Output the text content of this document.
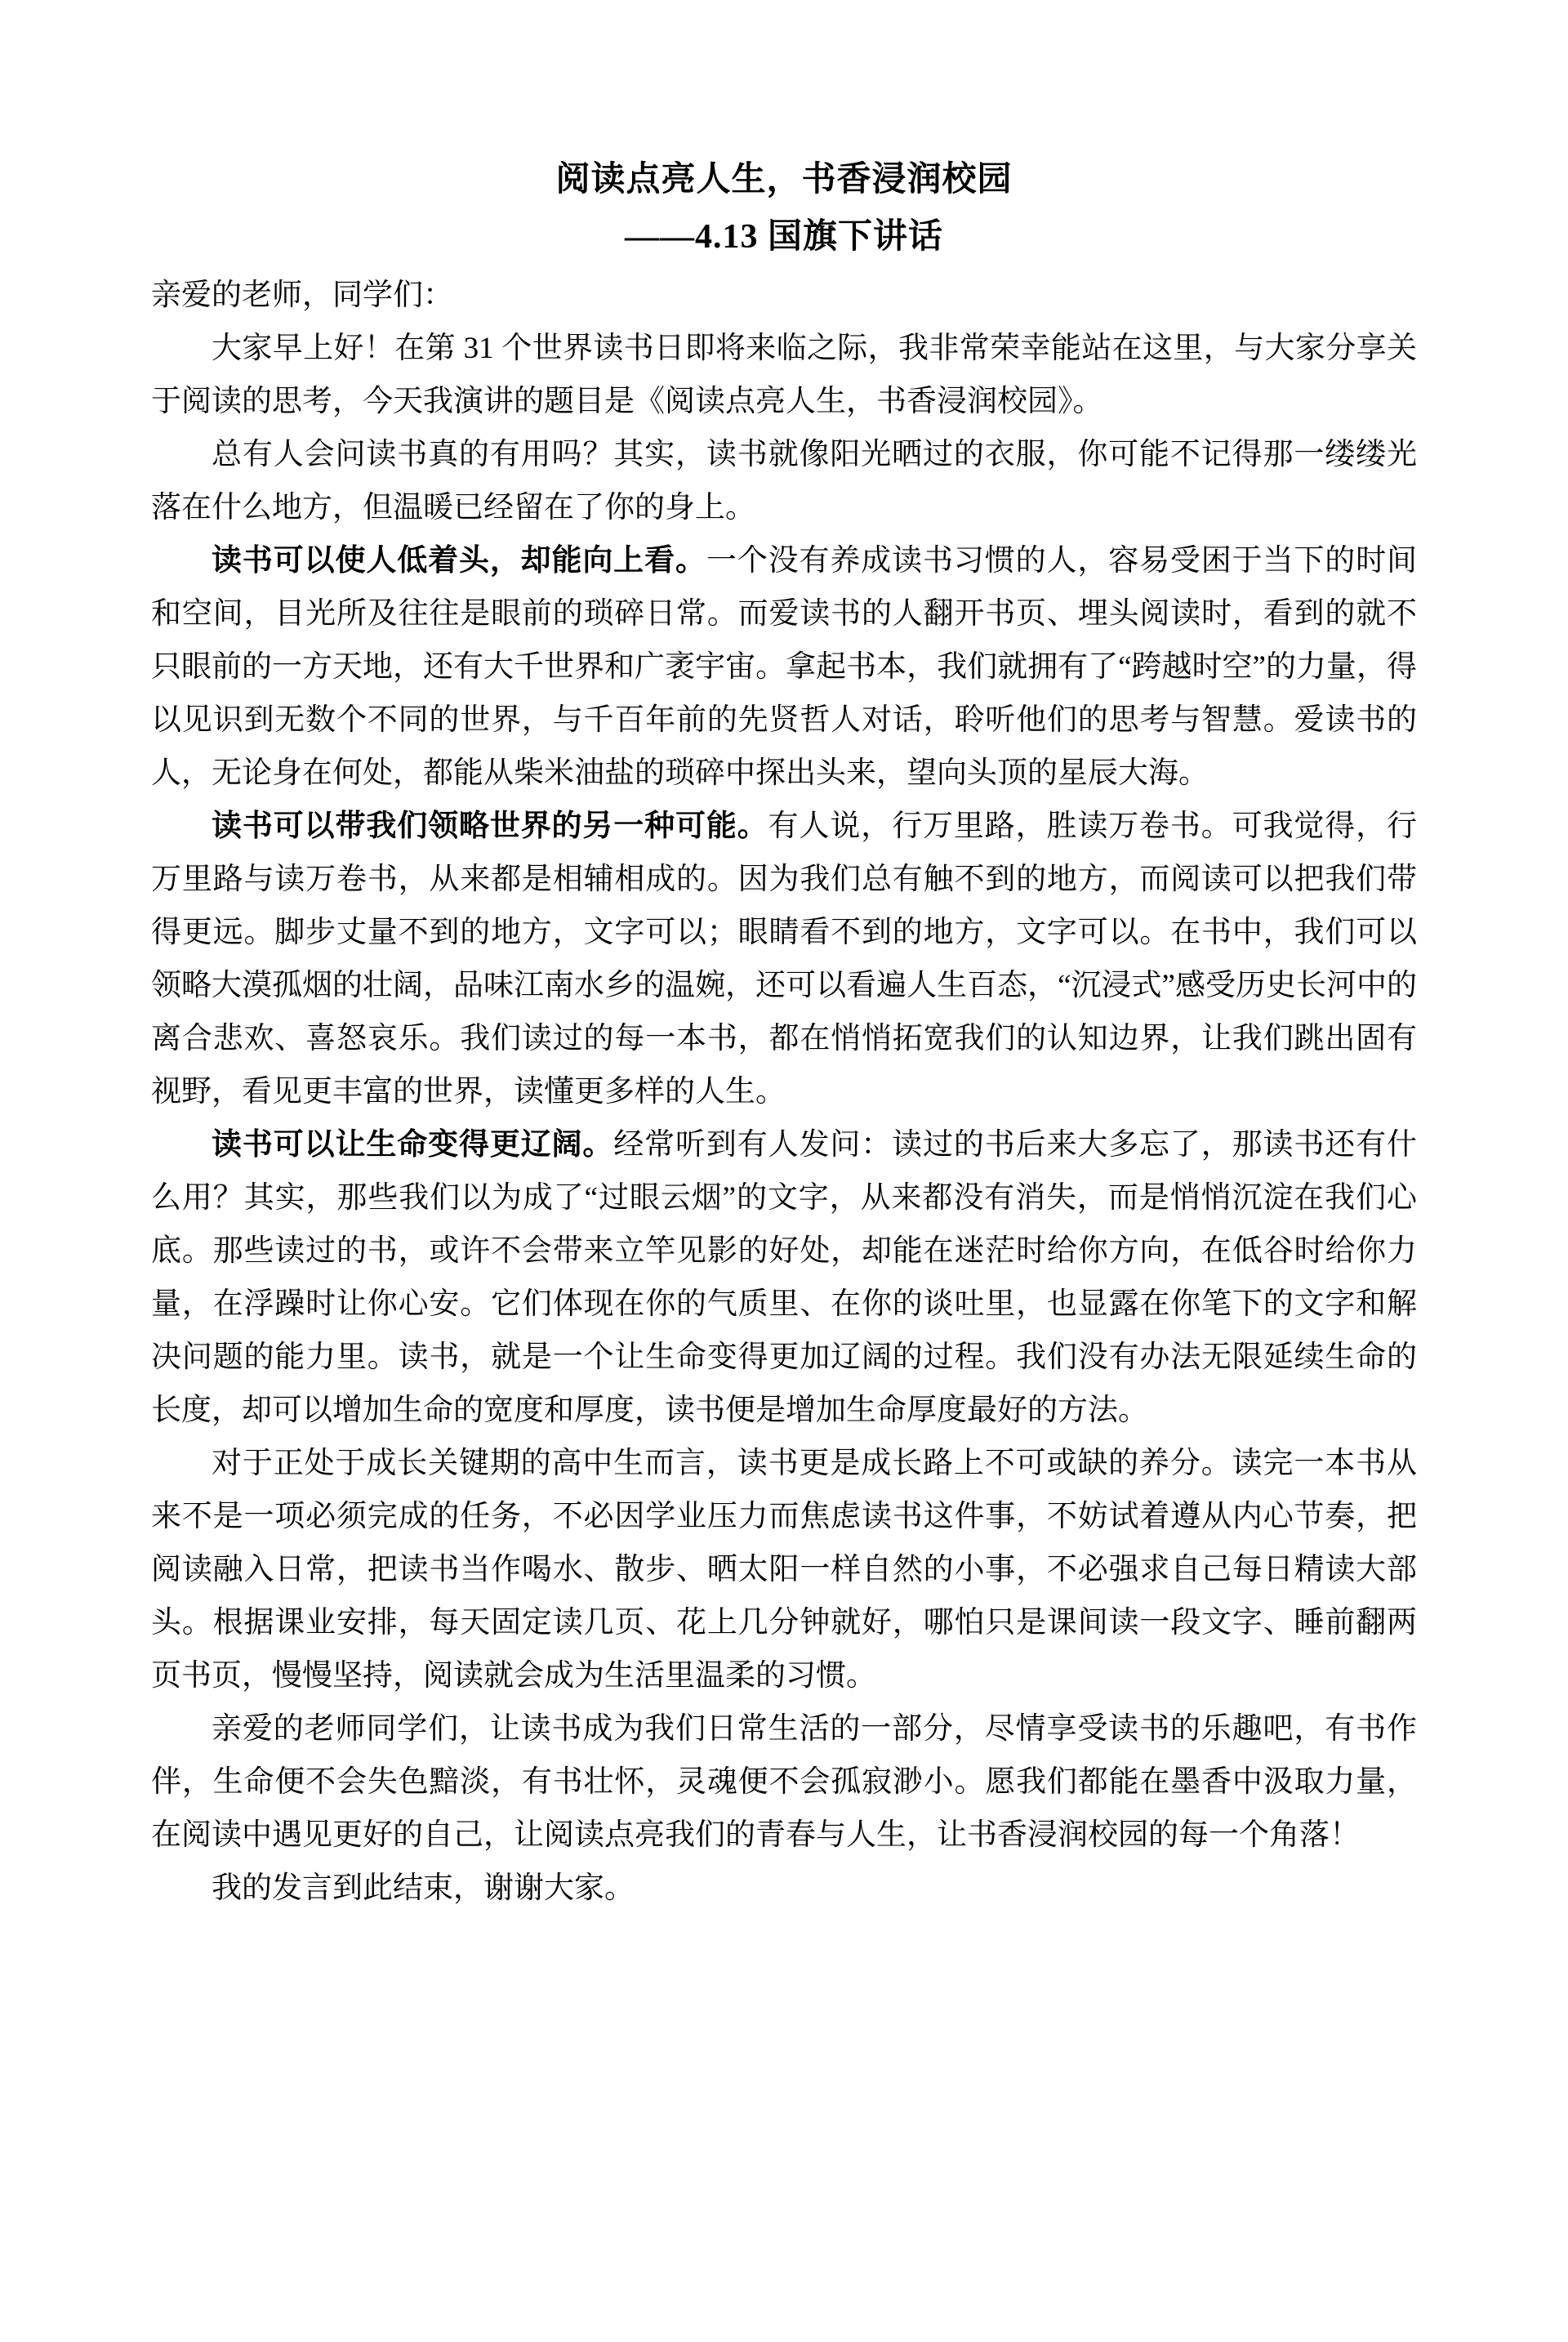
阅读点亮人生，书香浸润校园
——4.13 国旗下讲话

亲爱的老师，同学们：

大家早上好！在第 31 个世界读书日即将来临之际，我非常荣幸能站在这里，与大家分享关于阅读的思考，今天我演讲的题目是《阅读点亮人生，书香浸润校园》。

总有人会问读书真的有用吗？其实，读书就像阳光晒过的衣服，你可能不记得那一缕缕光落在什么地方，但温暖已经留在了你的身上。

读书可以使人低着头，却能向上看。一个没有养成读书习惯的人，容易受困于当下的时间和空间，目光所及往往是眼前的琐碎日常。而爱读书的人翻开书页、埋头阅读时，看到的就不只眼前的一方天地，还有大千世界和广袤宇宙。拿起书本，我们就拥有了“跨越时空”的力量，得以见识到无数个不同的世界，与千百年前的先贤哲人对话，聆听他们的思考与智慧。爱读书的人，无论身在何处，都能从柴米油盐的琐碎中探出头来，望向头顶的星辰大海。

读书可以带我们领略世界的另一种可能。有人说，行万里路，胜读万卷书。可我觉得，行万里路与读万卷书，从来都是相辅相成的。因为我们总有触不到的地方，而阅读可以把我们带得更远。脚步丈量不到的地方，文字可以；眼睛看不到的地方，文字可以。在书中，我们可以领略大漠孤烟的壮阔，品味江南水乡的温婉，还可以看遍人生百态，“沉浸式”感受历史长河中的离合悲欢、喜怒哀乐。我们读过的每一本书，都在悄悄拓宽我们的认知边界，让我们跳出固有视野，看见更丰富的世界，读懂更多样的人生。

读书可以让生命变得更辽阔。经常听到有人发问：读过的书后来大多忘了，那读书还有什么用？其实，那些我们以为成了“过眼云烟”的文字，从来都没有消失，而是悄悄沉淀在我们心底。那些读过的书，或许不会带来立竿见影的好处，却能在迷茫时给你方向，在低谷时给你力量，在浮躁时让你心安。它们体现在你的气质里、在你的谈吐里，也显露在你笔下的文字和解决问题的能力里。读书，就是一个让生命变得更加辽阔的过程。我们没有办法无限延续生命的长度，却可以增加生命的宽度和厚度，读书便是增加生命厚度最好的方法。

对于正处于成长关键期的高中生而言，读书更是成长路上不可或缺的养分。读完一本书从来不是一项必须完成的任务，不必因学业压力而焦虑读书这件事，不妨试着遵从内心节奏，把阅读融入日常，把读书当作喝水、散步、晒太阳一样自然的小事，不必强求自己每日精读大部头。根据课业安排，每天固定读几页、花上几分钟就好，哪怕只是课间读一段文字、睡前翻两页书页，慢慢坚持，阅读就会成为生活里温柔的习惯。

亲爱的老师同学们，让读书成为我们日常生活的一部分，尽情享受读书的乐趣吧，有书作伴，生命便不会失色黯淡，有书壮怀，灵魂便不会孤寂渺小。愿我们都能在墨香中汲取力量，在阅读中遇见更好的自己，让阅读点亮我们的青春与人生，让书香浸润校园的每一个角落！

我的发言到此结束，谢谢大家。
